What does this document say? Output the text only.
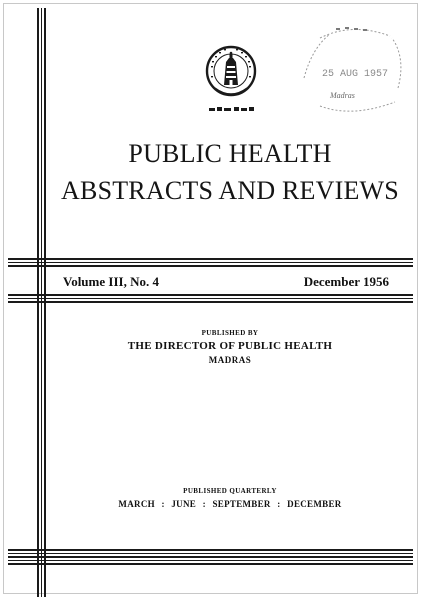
25 AUG 1957
Madras
PUBLIC HEALTH
ABSTRACTS AND REVIEWS
Volume III, No. 4	December 1956
PUBLISHED BY
THE DIRECTOR OF PUBLIC HEALTH
MADRAS
PUBLISHED QUARTERLY
MARCH : JUNE : SEPTEMBER : DECEMBER
